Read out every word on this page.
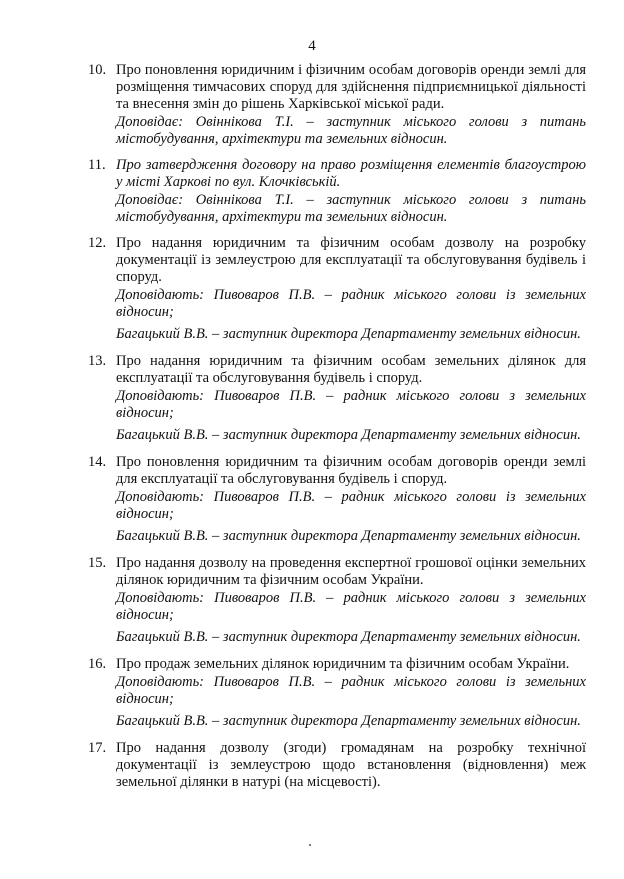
4
10. Про поновлення юридичним і фізичним особам договорів оренди землі для розміщення тимчасових споруд для здійснення підприємницької діяльності та внесення змін до рішень Харківської міської ради.
Доповідає: Овіннікова Т.І. – заступник міського голови з питань містобудування, архітектури та земельних відносин.
11. Про затвердження договору на право розміщення елементів благоустрою у місті Харкові по вул. Клочківській.
Доповідає: Овіннікова Т.І. – заступник міського голови з питань містобудування, архітектури та земельних відносин.
12. Про надання юридичним та фізичним особам дозволу на розробку документації із землеустрою для експлуатації та обслуговування будівель і споруд.
Доповідають: Пивоваров П.В. – радник міського голови із земельних відносин;
Багацький В.В. – заступник директора Департаменту земельних відносин.
13. Про надання юридичним та фізичним особам земельних ділянок для експлуатації та обслуговування будівель і споруд.
Доповідають: Пивоваров П.В. – радник міського голови з земельних відносин;
Багацький В.В. – заступник директора Департаменту земельних відносин.
14. Про поновлення юридичним та фізичним особам договорів оренди землі для експлуатації та обслуговування будівель і споруд.
Доповідають: Пивоваров П.В. – радник міського голови із земельних відносин;
Багацький В.В. – заступник директора Департаменту земельних відносин.
15. Про надання дозволу на проведення експертної грошової оцінки земельних ділянок юридичним та фізичним особам України.
Доповідають: Пивоваров П.В. – радник міського голови з земельних відносин;
Багацький В.В. – заступник директора Департаменту земельних відносин.
16. Про продаж земельних ділянок юридичним та фізичним особам України.
Доповідають: Пивоваров П.В. – радник міського голови із земельних відносин;
Багацький В.В. – заступник директора Департаменту земельних відносин.
17. Про надання дозволу (згоди) громадянам на розробку технічної документації із землеустрою щодо встановлення (відновлення) меж земельної ділянки в натурі (на місцевості).
